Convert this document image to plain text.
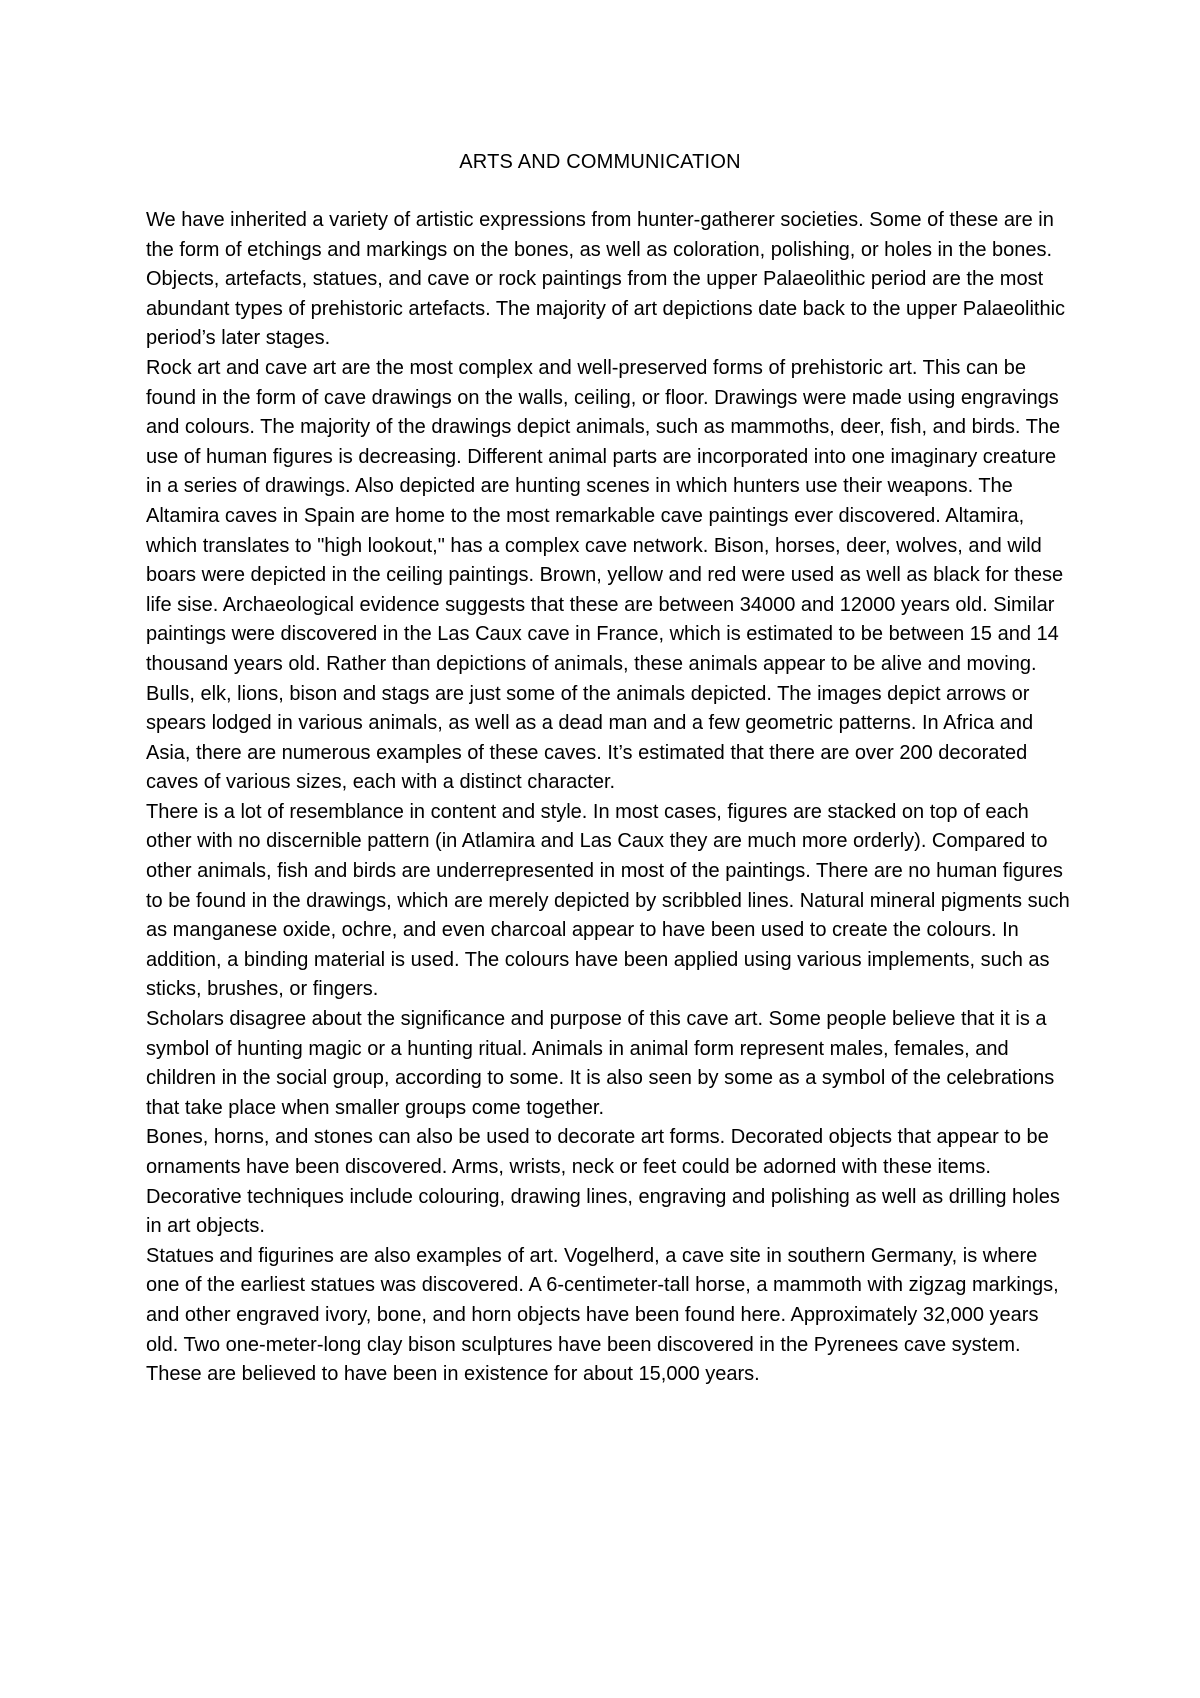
ARTS AND COMMUNICATION

We have inherited a variety of artistic expressions from hunter-gatherer societies. Some of these are in the form of etchings and markings on the bones, as well as coloration, polishing, or holes in the bones. Objects, artefacts, statues, and cave or rock paintings from the upper Palaeolithic period are the most abundant types of prehistoric artefacts. The majority of art depictions date back to the upper Palaeolithic period’s later stages.

Rock art and cave art are the most complex and well-preserved forms of prehistoric art. This can be found in the form of cave drawings on the walls, ceiling, or floor. Drawings were made using engravings and colours. The majority of the drawings depict animals, such as mammoths, deer, fish, and birds. The use of human figures is decreasing. Different animal parts are incorporated into one imaginary creature in a series of drawings. Also depicted are hunting scenes in which hunters use their weapons. The Altamira caves in Spain are home to the most remarkable cave paintings ever discovered. Altamira, which translates to "high lookout," has a complex cave network. Bison, horses, deer, wolves, and wild boars were depicted in the ceiling paintings. Brown, yellow and red were used as well as black for these life sise. Archaeological evidence suggests that these are between 34000 and 12000 years old. Similar paintings were discovered in the Las Caux cave in France, which is estimated to be between 15 and 14 thousand years old. Rather than depictions of animals, these animals appear to be alive and moving. Bulls, elk, lions, bison and stags are just some of the animals depicted. The images depict arrows or spears lodged in various animals, as well as a dead man and a few geometric patterns. In Africa and Asia, there are numerous examples of these caves. It’s estimated that there are over 200 decorated caves of various sizes, each with a distinct character.

There is a lot of resemblance in content and style. In most cases, figures are stacked on top of each other with no discernible pattern (in Atlamira and Las Caux they are much more orderly). Compared to other animals, fish and birds are underrepresented in most of the paintings. There are no human figures to be found in the drawings, which are merely depicted by scribbled lines. Natural mineral pigments such as manganese oxide, ochre, and even charcoal appear to have been used to create the colours. In addition, a binding material is used. The colours have been applied using various implements, such as sticks, brushes, or fingers.

Scholars disagree about the significance and purpose of this cave art. Some people believe that it is a symbol of hunting magic or a hunting ritual. Animals in animal form represent males, females, and children in the social group, according to some. It is also seen by some as a symbol of the celebrations that take place when smaller groups come together.

Bones, horns, and stones can also be used to decorate art forms. Decorated objects that appear to be ornaments have been discovered. Arms, wrists, neck or feet could be adorned with these items. Decorative techniques include colouring, drawing lines, engraving and polishing as well as drilling holes in art objects.

Statues and figurines are also examples of art. Vogelherd, a cave site in southern Germany, is where one of the earliest statues was discovered. A 6-centimeter-tall horse, a mammoth with zigzag markings, and other engraved ivory, bone, and horn objects have been found here. Approximately 32,000 years old. Two one-meter-long clay bison sculptures have been discovered in the Pyrenees cave system. These are believed to have been in existence for about 15,000 years.
